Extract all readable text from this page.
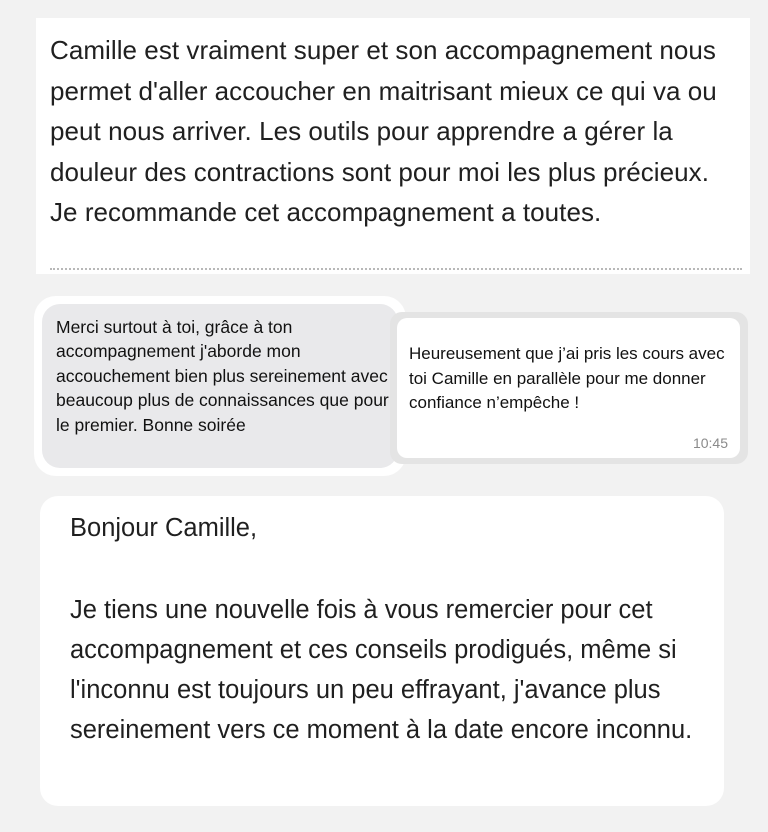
Camille est vraiment super et son accompagnement nous permet d'aller accoucher en maitrisant mieux ce qui va ou peut nous arriver. Les outils pour apprendre a gérer la douleur des contractions sont pour moi les plus précieux. Je recommande cet accompagnement a toutes.
Merci surtout à toi, grâce à ton accompagnement j'aborde mon accouchement bien plus sereinement avec beaucoup plus de connaissances que pour le premier. Bonne soirée
Heureusement que j’ai pris les cours avec toi Camille en parallèle pour me donner confiance n’empêche !
10:45
Bonjour Camille,
Je tiens une nouvelle fois à vous remercier pour cet accompagnement et ces conseils prodigués, même si l'inconnu est toujours un peu effrayant, j'avance plus sereinement vers ce moment à la date encore inconnu.
